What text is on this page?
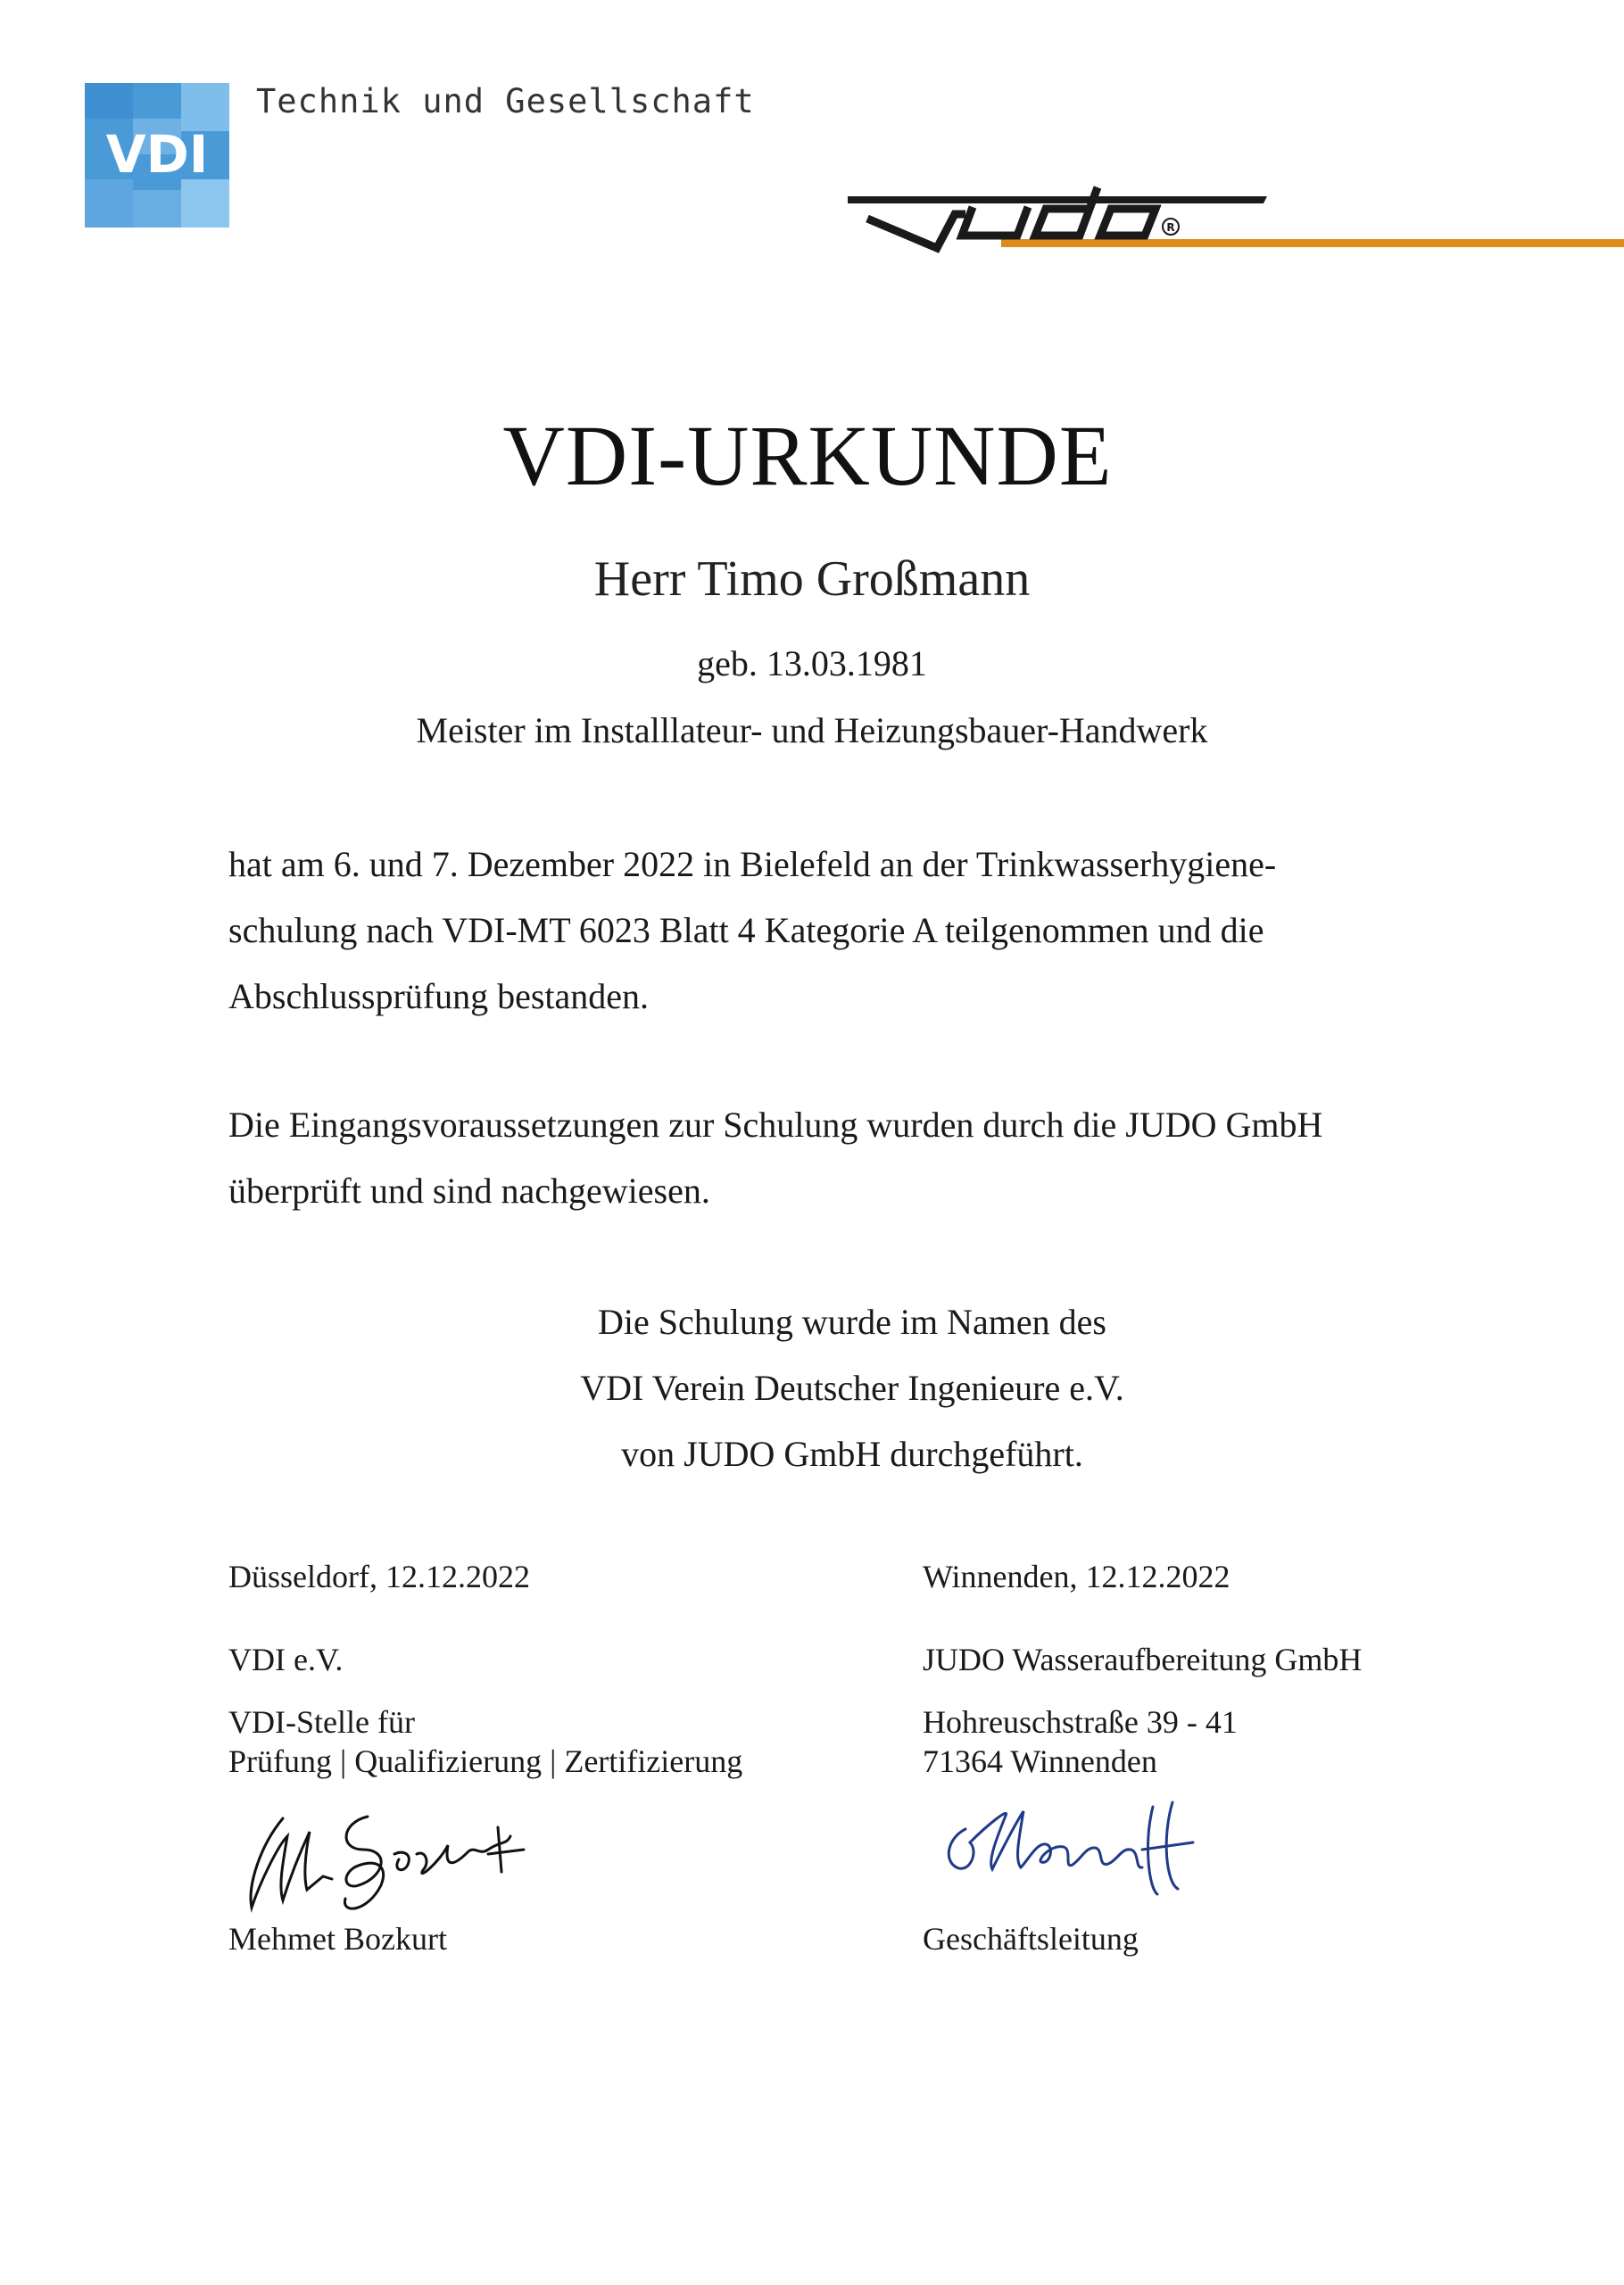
VDI
Technik und Gesellschaft
R
VDI-URKUNDE
Herr Timo Großmann
geb. 13.03.1981
Meister im Installlateur- und Heizungsbauer-Handwerk

hat am 6. und 7. Dezember 2022 in Bielefeld an der Trinkwasserhygiene-

schulung nach VDI-MT 6023 Blatt 4 Kategorie A teilgenommen und die

Abschlussprüfung bestanden.

Die Eingangsvoraussetzungen zur Schulung wurden durch die JUDO GmbH

überprüft und sind nachgewiesen.

Die Schulung wurde im Namen des
VDI Verein Deutscher Ingenieure e.V.
von JUDO GmbH durchgeführt.
Düsseldorf, 12.12.2022
VDI e.V.
VDI-Stelle für
Prüfung | Qualifizierung | Zertifizierung
Mehmet Bozkurt
Winnenden, 12.12.2022
JUDO Wasseraufbereitung GmbH
Hohreuschstraße 39 - 41
71364 Winnenden
Geschäftsleitung
